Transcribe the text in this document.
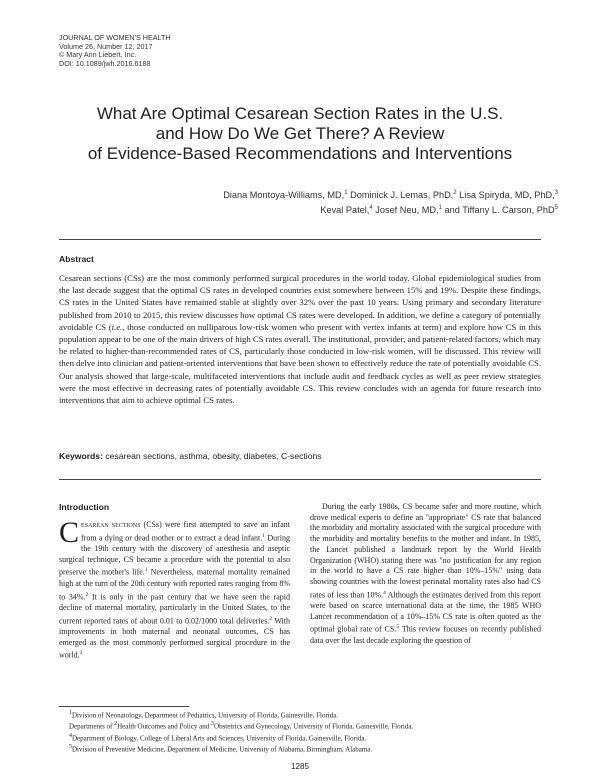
JOURNAL OF WOMEN'S HEALTH
Volume 26, Number 12, 2017
© Mary Ann Liebert, Inc.
DOI: 10.1089/jwh.2016.6188
What Are Optimal Cesarean Section Rates in the U.S.
and How Do We Get There? A Review
of Evidence-Based Recommendations and Interventions
Diana Montoya-Williams, MD,$^1$ Dominick J. Lemas, PhD,$^2$ Lisa Spiryda, MD, PhD,$^3$
Keval Patel,$^4$ Josef Neu, MD,$^1$ and Tiffany L. Carson, PhD$^5$
Abstract
Cesarean sections (CSs) are the most commonly performed surgical procedures in the world today. Global epidemiological studies from the last decade suggest that the optimal CS rates in developed countries exist somewhere between 15% and 19%. Despite these findings, CS rates in the United States have remained stable at slightly over 32% over the past 10 years. Using primary and secondary literature published from 2010 to 2015, this review discusses how optimal CS rates were developed. In addition, we define a category of potentially avoidable CS (i.e., those conducted on nulliparous low-risk women who present with vertex infants at term) and explore how CS in this population appear to be one of the main drivers of high CS rates overall. The institutional, provider, and patient-related factors, which may be related to higher-than-recommended rates of CS, particularly those conducted in low-risk women, will be discussed. This review will then delve into clinician and patient-oriented interventions that have been shown to effectively reduce the rate of potentially avoidable CS. Our analysis showed that large-scale, multifaceted interventions that include audit and feedback cycles as well as peer review strategies were the most effective in decreasing rates of potentially avoidable CS. This review concludes with an agenda for future research into interventions that aim to achieve optimal CS rates.
Keywords: cesarean sections, asthma, obesity, diabetes, C-sections
Introduction
Cesarean sections (CSs) were first attempted to save an infant from a dying or dead mother or to extract a dead infant.$^1$ During the 19th century with the discovery of anesthesia and aseptic surgical technique, CS became a procedure with the potential to also preserve the mother's life.$^1$ Nevertheless, maternal mortality remained high at the turn of the 20th century with reported rates ranging from 8% to 34%.$^2$ It is only in the past century that we have seen the rapid decline of maternal mortality, particularly in the United States, to the current reported rates of about 0.01 to 0.02/1000 total deliveries.$^2$ With improvements in both maternal and neonatal outcomes, CS has emerged as the most commonly performed surgical procedure in the world.$^3$
During the early 1980s, CS became safer and more routine, which drove medical experts to define an "appropriate" CS rate that balanced the morbidity and mortality associated with the surgical procedure with the morbidity and mortality benefits to the mother and infant. In 1985, the Lancet published a landmark report by the World Health Organization (WHO) stating there was "no justification for any region in the world to have a CS rate higher than 10%–15%" using data showing countries with the lowest perinatal mortality rates also had CS rates of less than 10%.$^4$ Although the estimates derived from this report were based on scarce international data at the time, the 1985 WHO Lancet recommendation of a 10%–15% CS rate is often quoted as the optimal global rate of CS.$^5$ This review focuses on recently published data over the last decade exploring the question of

$^1$Division of Neonatology, Department of Pediatrics, University of Florida, Gainesville, Florida.

Departments of $^2$Health Outcomes and Policy and $^3$Obstetrics and Gynecology, University of Florida, Gainesville, Florida.

$^4$Department of Biology, College of Liberal Arts and Sciences, University of Florida, Gainesville, Florida.

$^5$Division of Preventive Medicine, Department of Medicine, University of Alabama, Birmingham, Alabama.

1285
